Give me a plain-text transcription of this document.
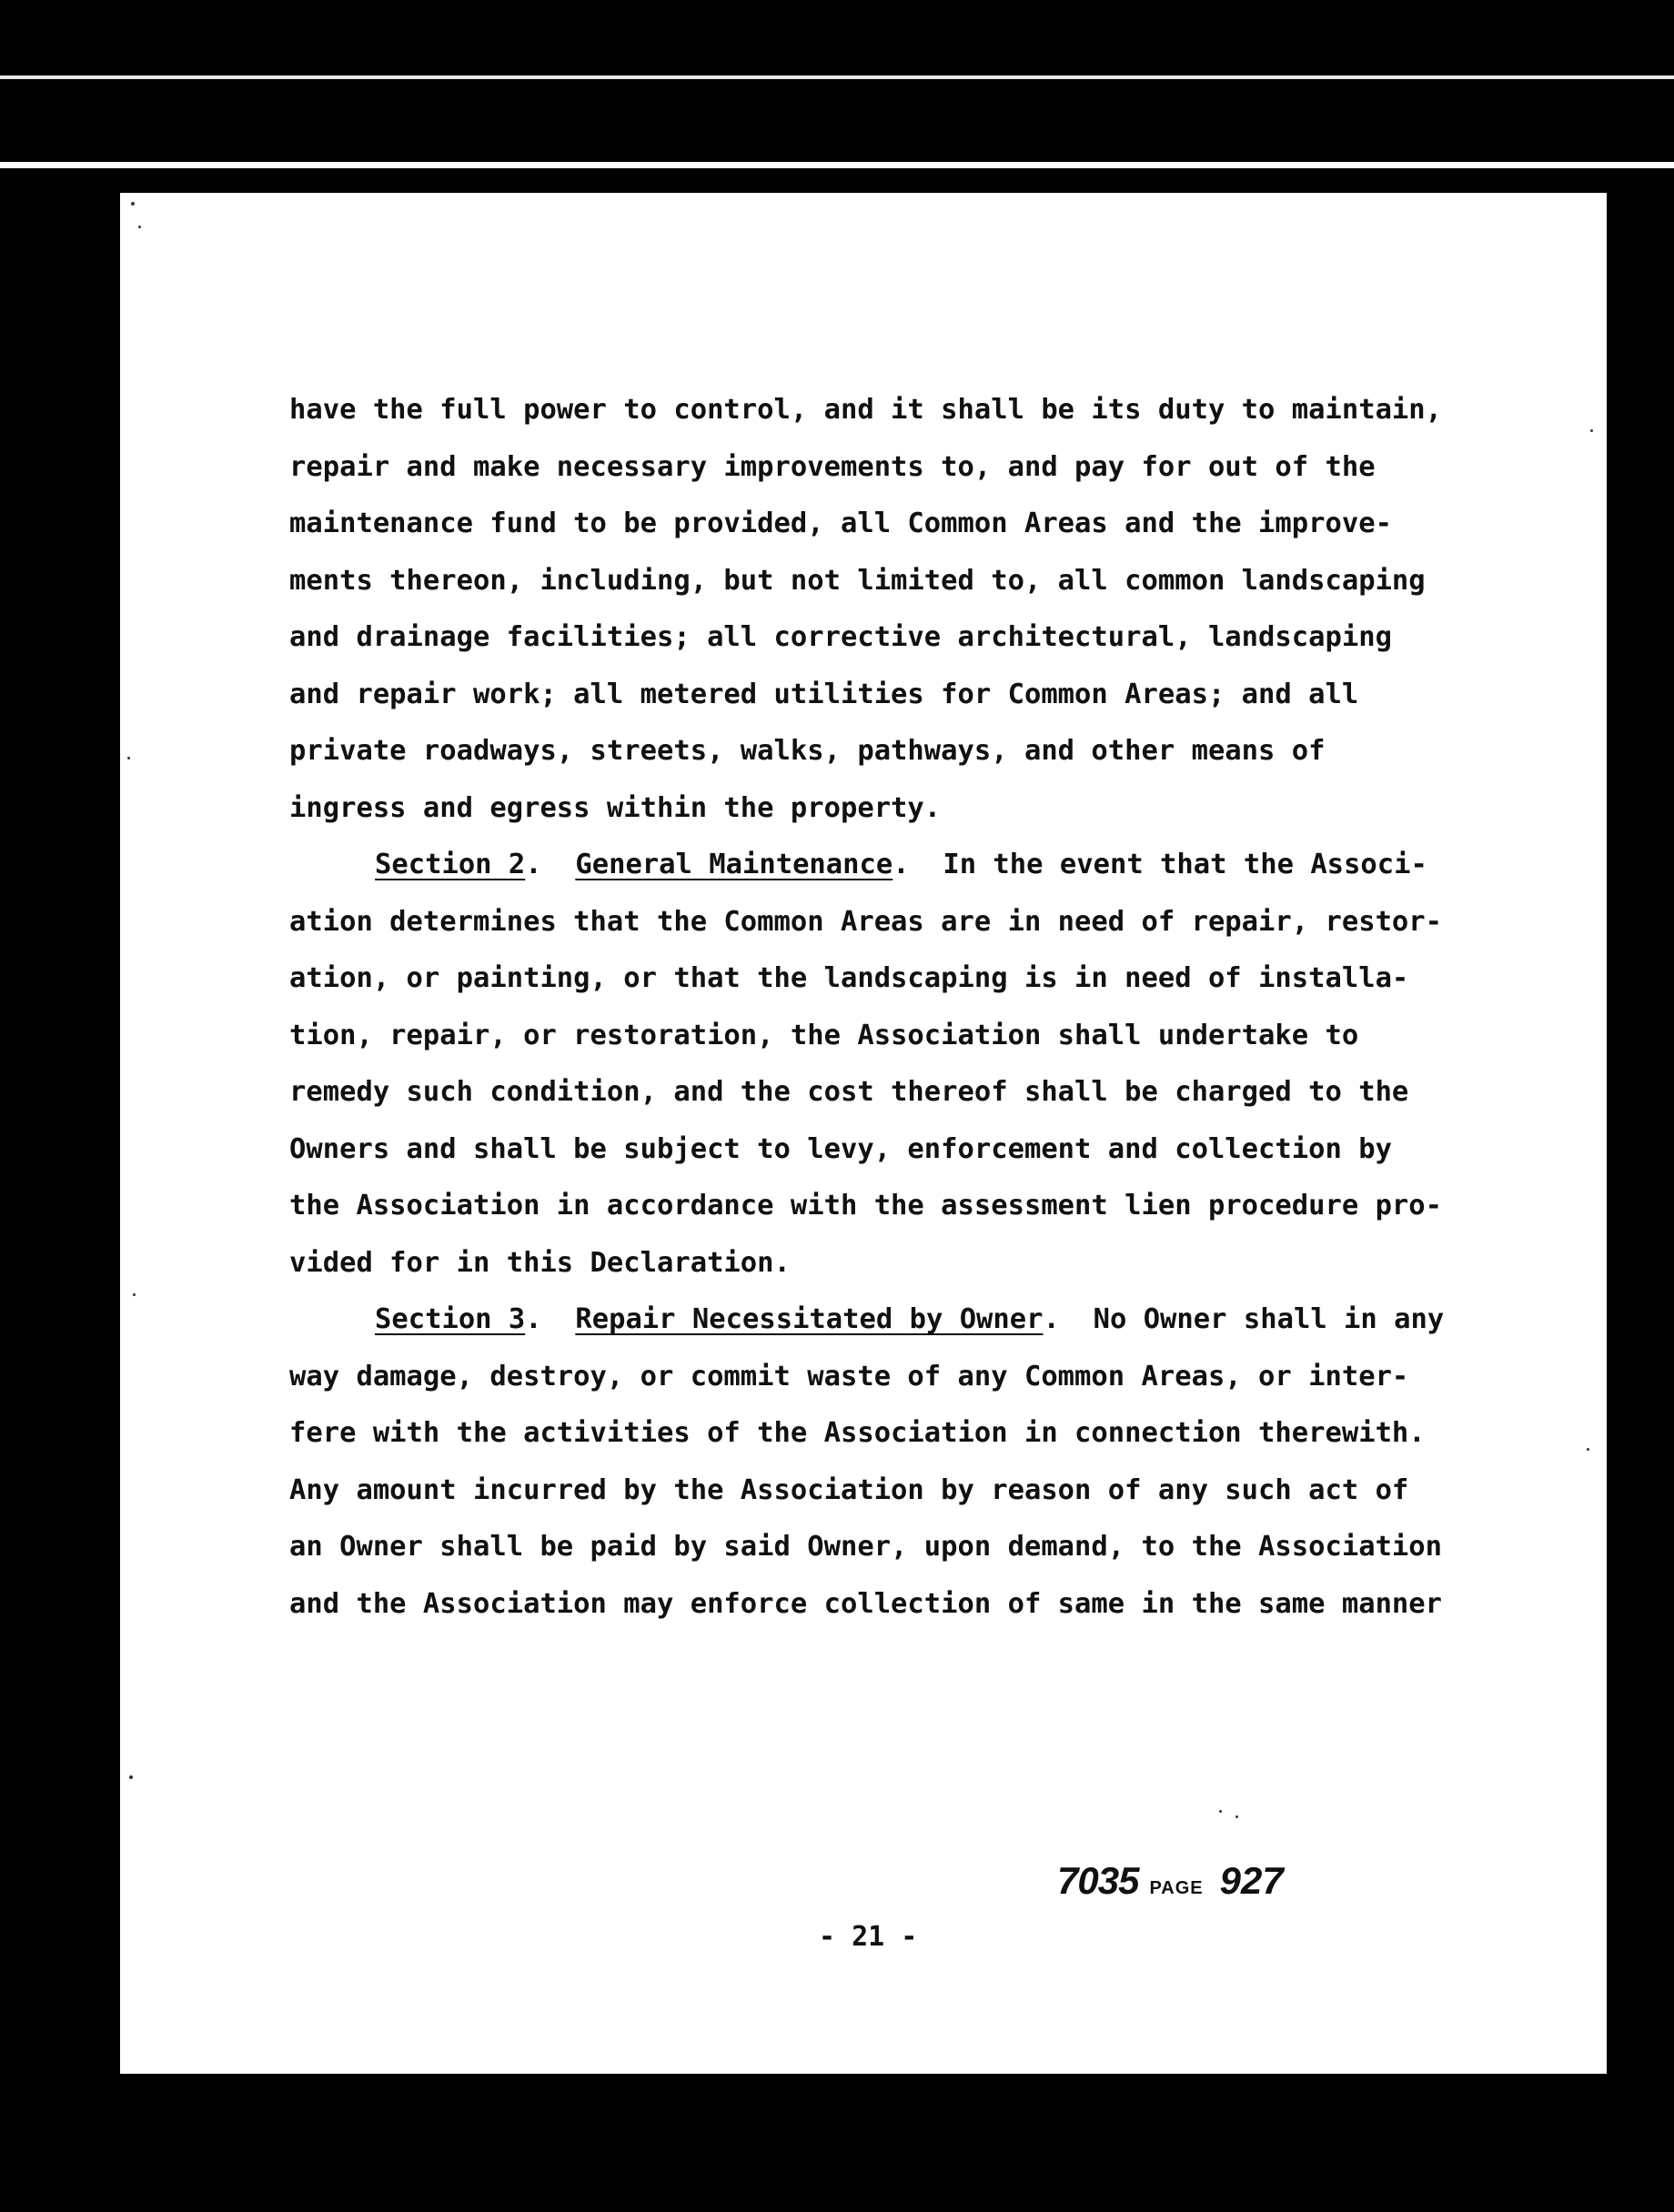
have the full power to control, and it shall be its duty to maintain,
repair and make necessary improvements to, and pay for out of the
maintenance fund to be provided, all Common Areas and the improve-
ments thereon, including, but not limited to, all common landscaping
and drainage facilities; all corrective architectural, landscaping
and repair work; all metered utilities for Common Areas; and all
private roadways, streets, walks, pathways, and other means of
ingress and egress within the property.
Section 2.  General Maintenance.  In the event that the Associ-
ation determines that the Common Areas are in need of repair, restor-
ation, or painting, or that the landscaping is in need of installa-
tion, repair, or restoration, the Association shall undertake to
remedy such condition, and the cost thereof shall be charged to the
Owners and shall be subject to levy, enforcement and collection by
the Association in accordance with the assessment lien procedure pro-
vided for in this Declaration.
Section 3.  Repair Necessitated by Owner.  No Owner shall in any
way damage, destroy, or commit waste of any Common Areas, or inter-
fere with the activities of the Association in connection therewith.
Any amount incurred by the Association by reason of any such act of
an Owner shall be paid by said Owner, upon demand, to the Association
and the Association may enforce collection of same in the same manner
7035 PAGE 927
- 21 -
